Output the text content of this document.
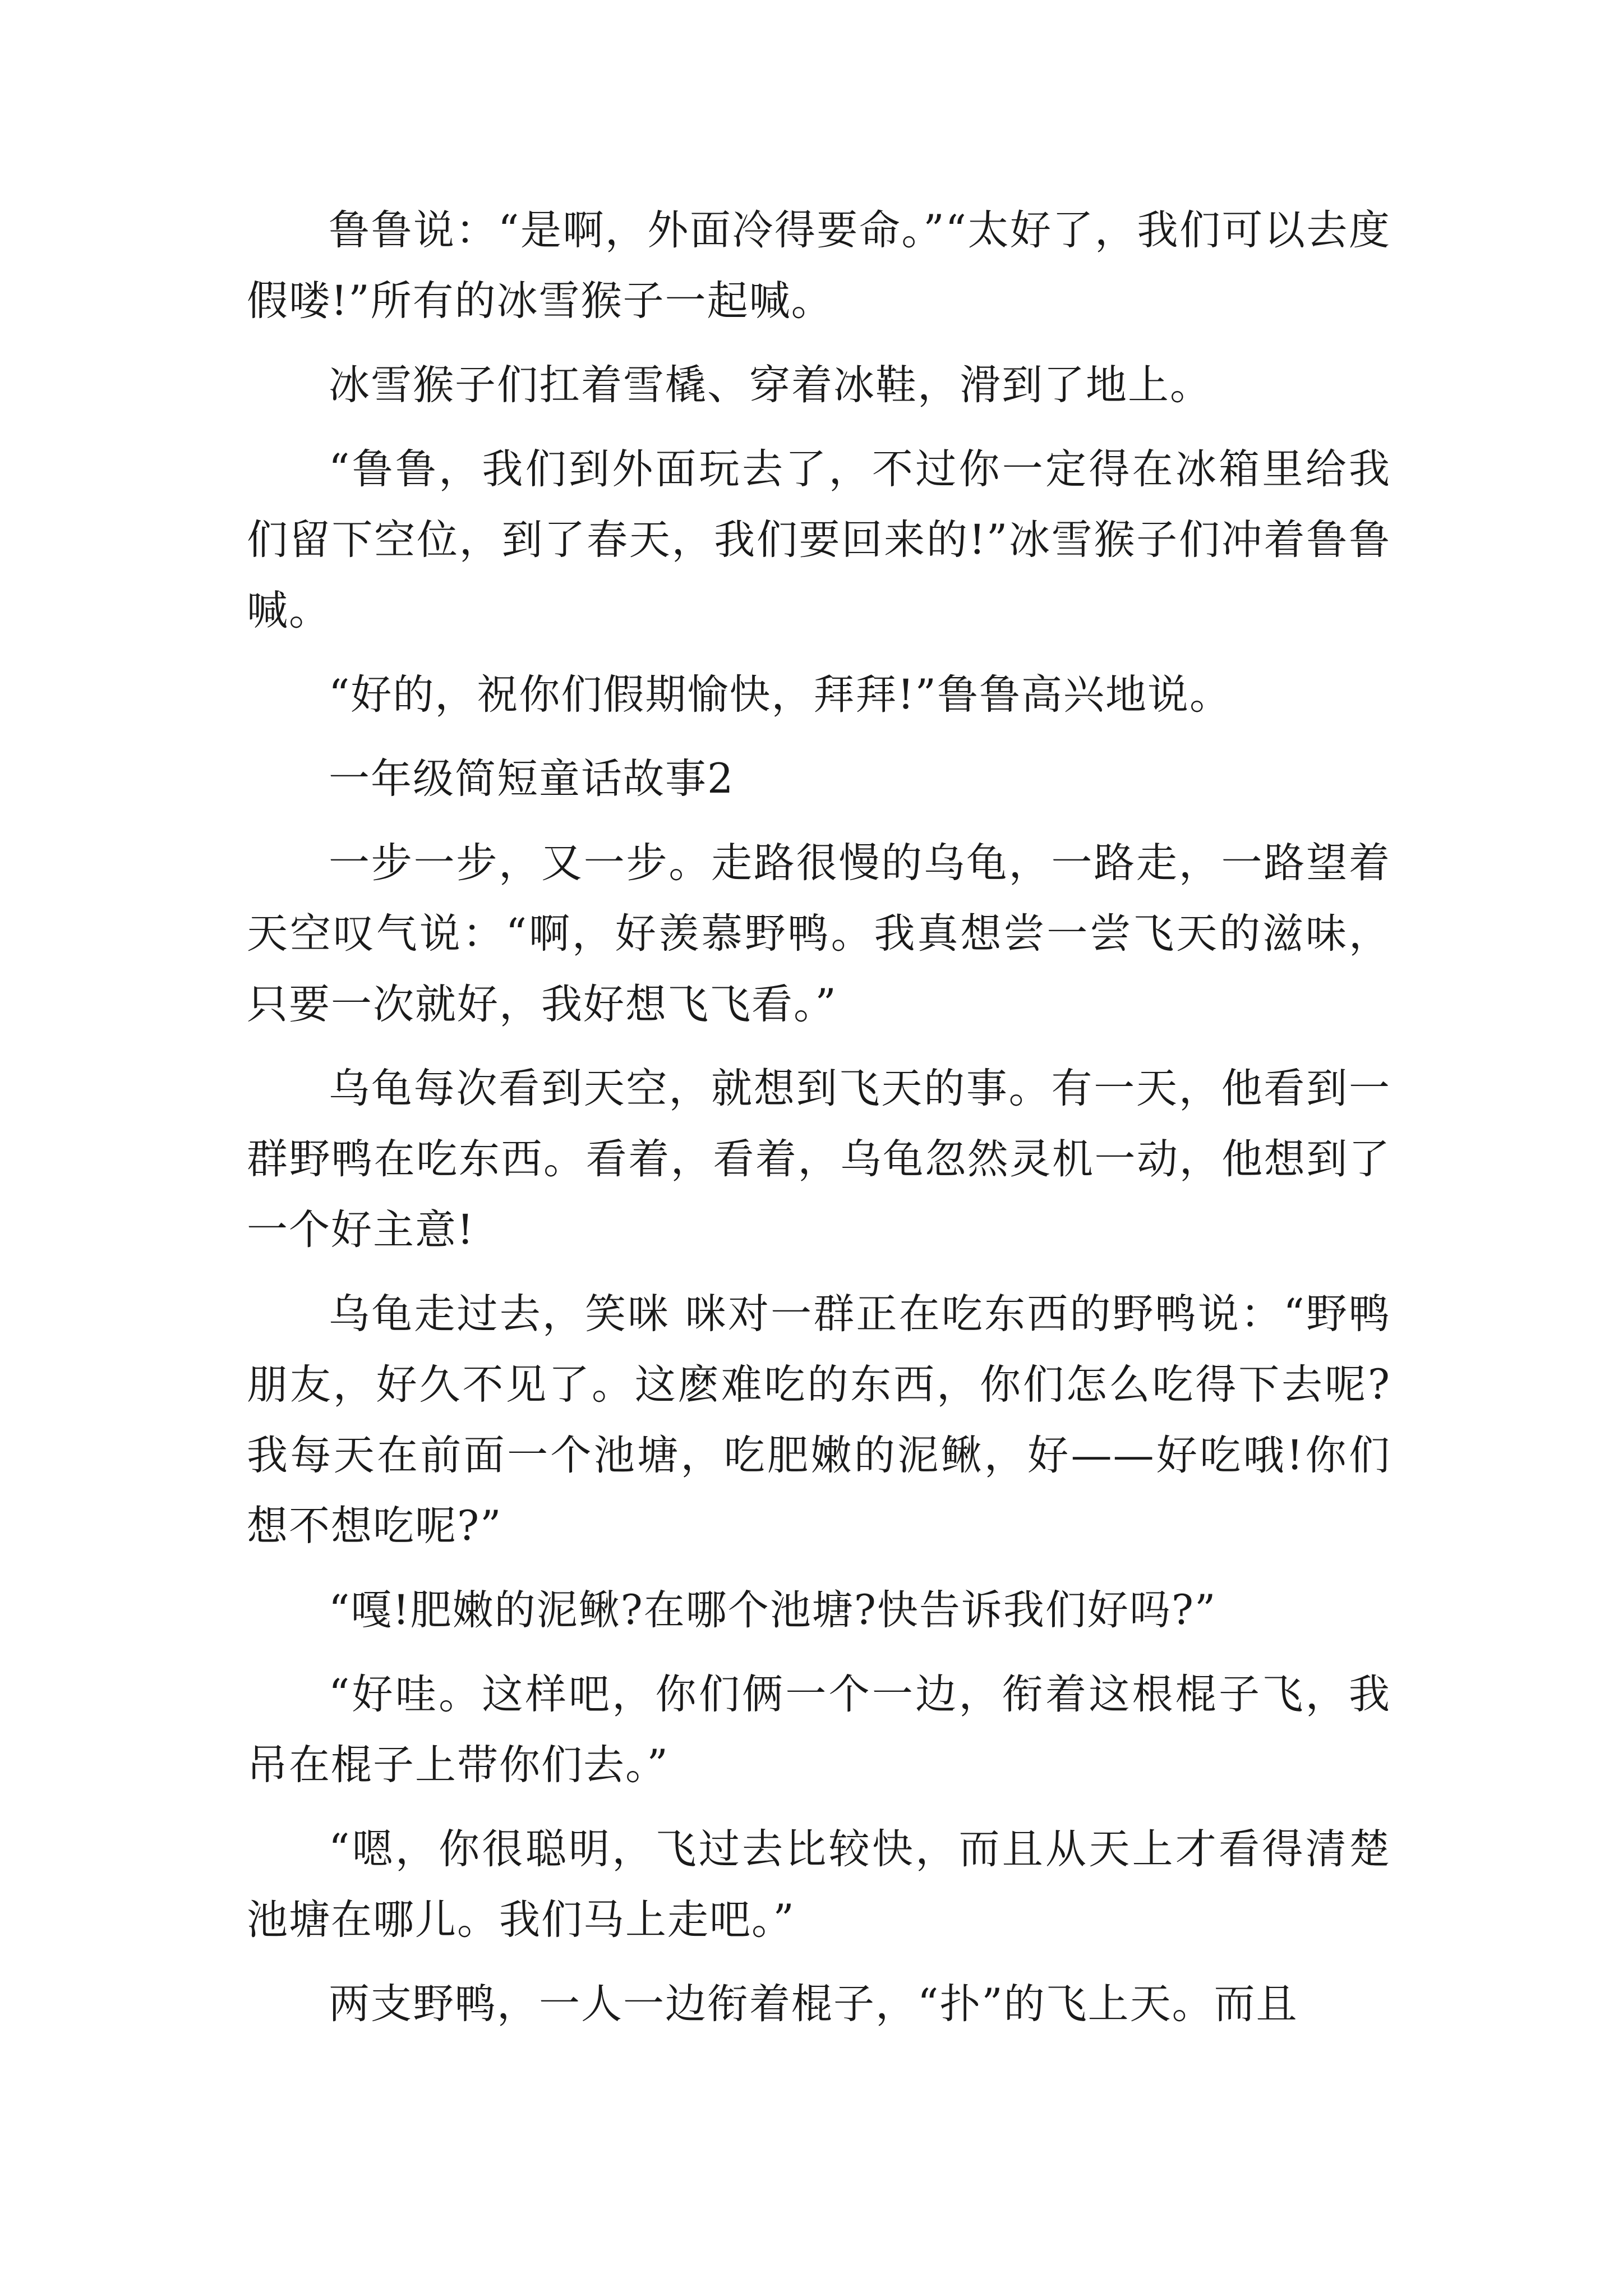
鲁鲁说：“是啊，外面冷得要命。”“太好了，我们可以去度假喽!”所有的冰雪猴子一起喊。

冰雪猴子们扛着雪橇、穿着冰鞋，滑到了地上。

“鲁鲁，我们到外面玩去了，不过你一定得在冰箱里给我们留下空位，到了春天，我们要回来的!”冰雪猴子们冲着鲁鲁喊。

“好的，祝你们假期愉快，拜拜!”鲁鲁高兴地说。

一年级简短童话故事2

一步一步，又一步。走路很慢的乌龟，一路走，一路望着天空叹气说：“啊，好羡慕野鸭。我真想尝一尝飞天的滋味，只要一次就好，我好想飞飞看。”

乌龟每次看到天空，就想到飞天的事。有一天，他看到一群野鸭在吃东西。看着，看着，乌龟忽然灵机一动，他想到了一个好主意!

乌龟走过去，笑咪 咪对一群正在吃东西的野鸭说：“野鸭朋友，好久不见了。这麽难吃的东西，你们怎么吃得下去呢?我每天在前面一个池塘，吃肥嫩的泥鳅，好——好吃哦!你们想不想吃呢?”

“嘎!肥嫩的泥鳅?在哪个池塘?快告诉我们好吗?”

“好哇。这样吧，你们俩一个一边，衔着这根棍子飞，我吊在棍子上带你们去。”

“嗯，你很聪明，飞过去比较快，而且从天上才看得清楚池塘在哪儿。我们马上走吧。”

两支野鸭，一人一边衔着棍子，“扑”的飞上天。而且
